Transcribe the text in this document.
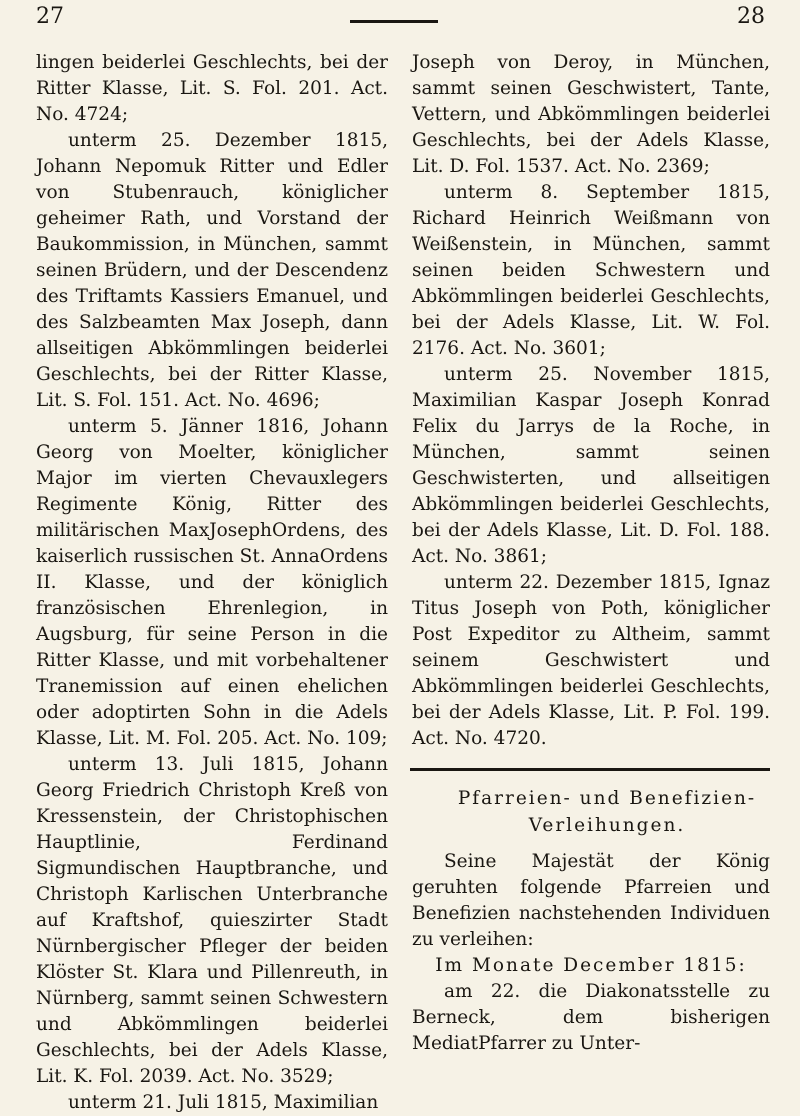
27	28

lingen beiderlei Geschlechts, bei der Ritter Klasse, Lit. S. Fol. 201. Act. No. 4724;

unterm 25. Dezember 1815, Johann Nepomuk Ritter und Edler von Stubenrauch, königlicher geheimer Rath, und Vorstand der Baukommission, in München, sammt seinen Brüdern, und der Descendenz des Triftamts Kassiers Emanuel, und des Salzbeamten Max Joseph, dann allseitigen Abkömmlingen beiderlei Geschlechts, bei der Ritter Klasse, Lit. S. Fol. 151. Act. No. 4696;

unterm 5. Jänner 1816, Johann Georg von Moelter, königlicher Major im vierten Chevauxlegers Regimente König, Ritter des militärischen MaxJosephOrdens, des kaiserlich russischen St. AnnaOrdens II. Klasse, und der königlich französischen Ehrenlegion, in Augsburg, für seine Person in die Ritter Klasse, und mit vorbehaltener Tranemission auf einen ehelichen oder adoptirten Sohn in die Adels Klasse, Lit. M. Fol. 205. Act. No. 109;

unterm 13. Juli 1815, Johann Georg Friedrich Christoph Kreß von Kressenstein, der Christophischen Hauptlinie, Ferdinand Sigmundischen Hauptbranche, und Christoph Karlischen Unterbranche auf Kraftshof, quieszirter Stadt Nürnbergischer Pfleger der beiden Klöster St. Klara und Pillenreuth, in Nürnberg, sammt seinen Schwestern und Abkömmlingen beiderlei Geschlechts, bei der Adels Klasse, Lit. K. Fol. 2039. Act. No. 3529;

unterm 21. Juli 1815, Maximilian

Joseph von Deroy, in München, sammt seinen Geschwistert, Tante, Vettern, und Abkömmlingen beiderlei Geschlechts, bei der Adels Klasse, Lit. D. Fol. 1537. Act. No. 2369;

unterm 8. September 1815, Richard Heinrich Weißmann von Weißenstein, in München, sammt seinen beiden Schwestern und Abkömmlingen beiderlei Geschlechts, bei der Adels Klasse, Lit. W. Fol. 2176. Act. No. 3601;

unterm 25. November 1815, Maximilian Kaspar Joseph Konrad Felix du Jarrys de la Roche, in München, sammt seinen Geschwisterten, und allseitigen Abkömmlingen beiderlei Geschlechts, bei der Adels Klasse, Lit. D. Fol. 188. Act. No. 3861;

unterm 22. Dezember 1815, Ignaz Titus Joseph von Poth, königlicher Post Expeditor zu Altheim, sammt seinem Geschwistert und Abkömmlingen beiderlei Geschlechts, bei der Adels Klasse, Lit. P. Fol. 199. Act. No. 4720.

Pfarreien- und Benefizien-

Verleihungen.

Seine Majestät der König geruhten folgende Pfarreien und Benefizien nachstehenden Individuen zu verleihen:

Im Monate December 1815:

am 22. die Diakonatsstelle zu Berneck, dem bisherigen MediatPfarrer zu Unter-
